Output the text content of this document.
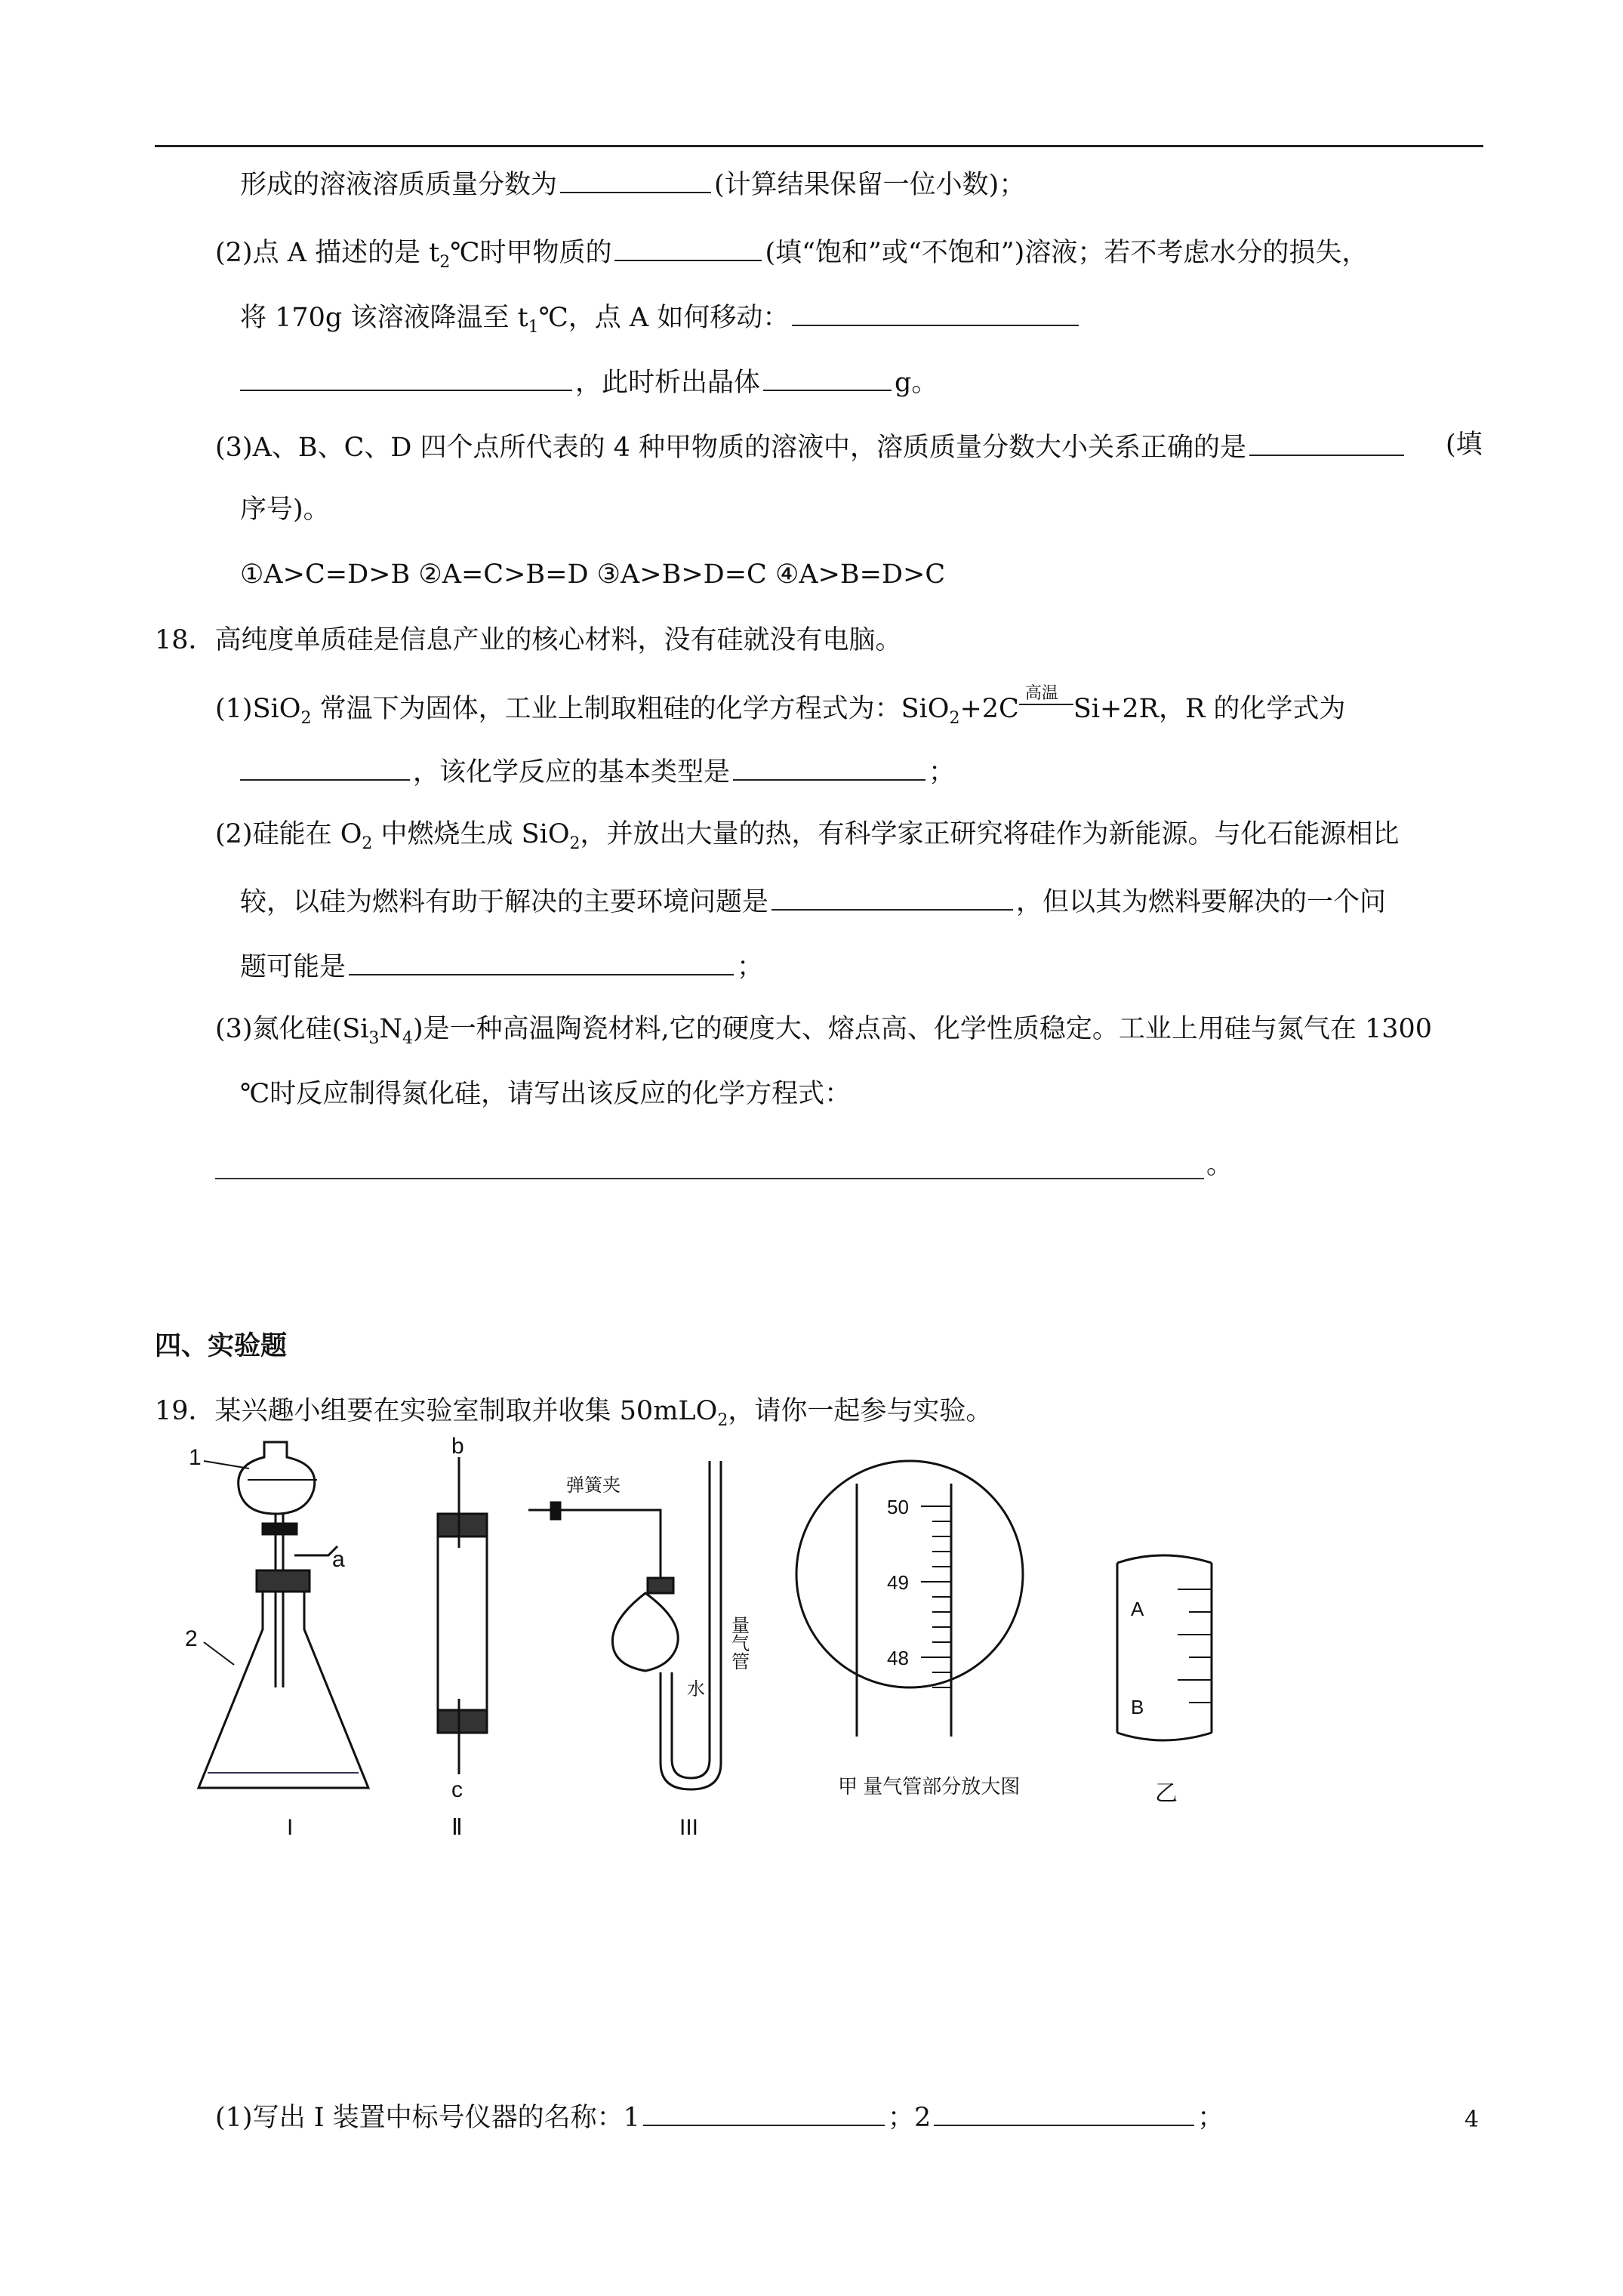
形成的溶液溶质质量分数为	(计算结果保留一位小数)；
(2)点 A 描述的是 $t_2℃$时甲物质的	(填“饱和”或“不饱和”)溶液；若不考虑水分的损失，
将 170g 该溶液降温至 $t_1℃$，点 A 如何移动：
，此时析出晶体	g。
(3)A、B、C、D 四个点所代表的 4 种甲物质的溶液中，溶质质量分数大小关系正确的是	(填
序号)。
①A>C=D>B ②A=C>B=D ③A>B>D=C ④A>B=D>C
18．高纯度单质硅是信息产业的核心材料，没有硅就没有电脑。
(1)SiO$_2$ 常温下为固体，工业上制取粗硅的化学方程式为：SiO$_2$+2C
高温
Si+2R，R 的化学式为
，该化学反应的基本类型是	；
(2)硅能在 $O_2$ 中燃烧生成 SiO$_2$，并放出大量的热，有科学家正研究将硅作为新能源。与化石能源相比
较，以硅为燃料有助于解决的主要环境问题是	，但以其为燃料要解决的一个问
题可能是	；
(3)氮化硅$(Si_3N_4)$是一种高温陶瓷材料,它的硬度大、熔点高、化学性质稳定。工业上用硅与氮气在 1300
℃时反应制得氮化硅，请写出该反应的化学方程式：
。
四、实验题
19．某兴趣小组要在实验室制取并收集 50mLO$_2$，请你一起参与实验。
1
2
a
b
c
弹簧夹
水
量气管
I	Ⅱ	III
50
49
48
甲 量气管部分放大图
A
B
乙
(1)写出 I 装置中标号仪器的名称：1	；2	；	4
